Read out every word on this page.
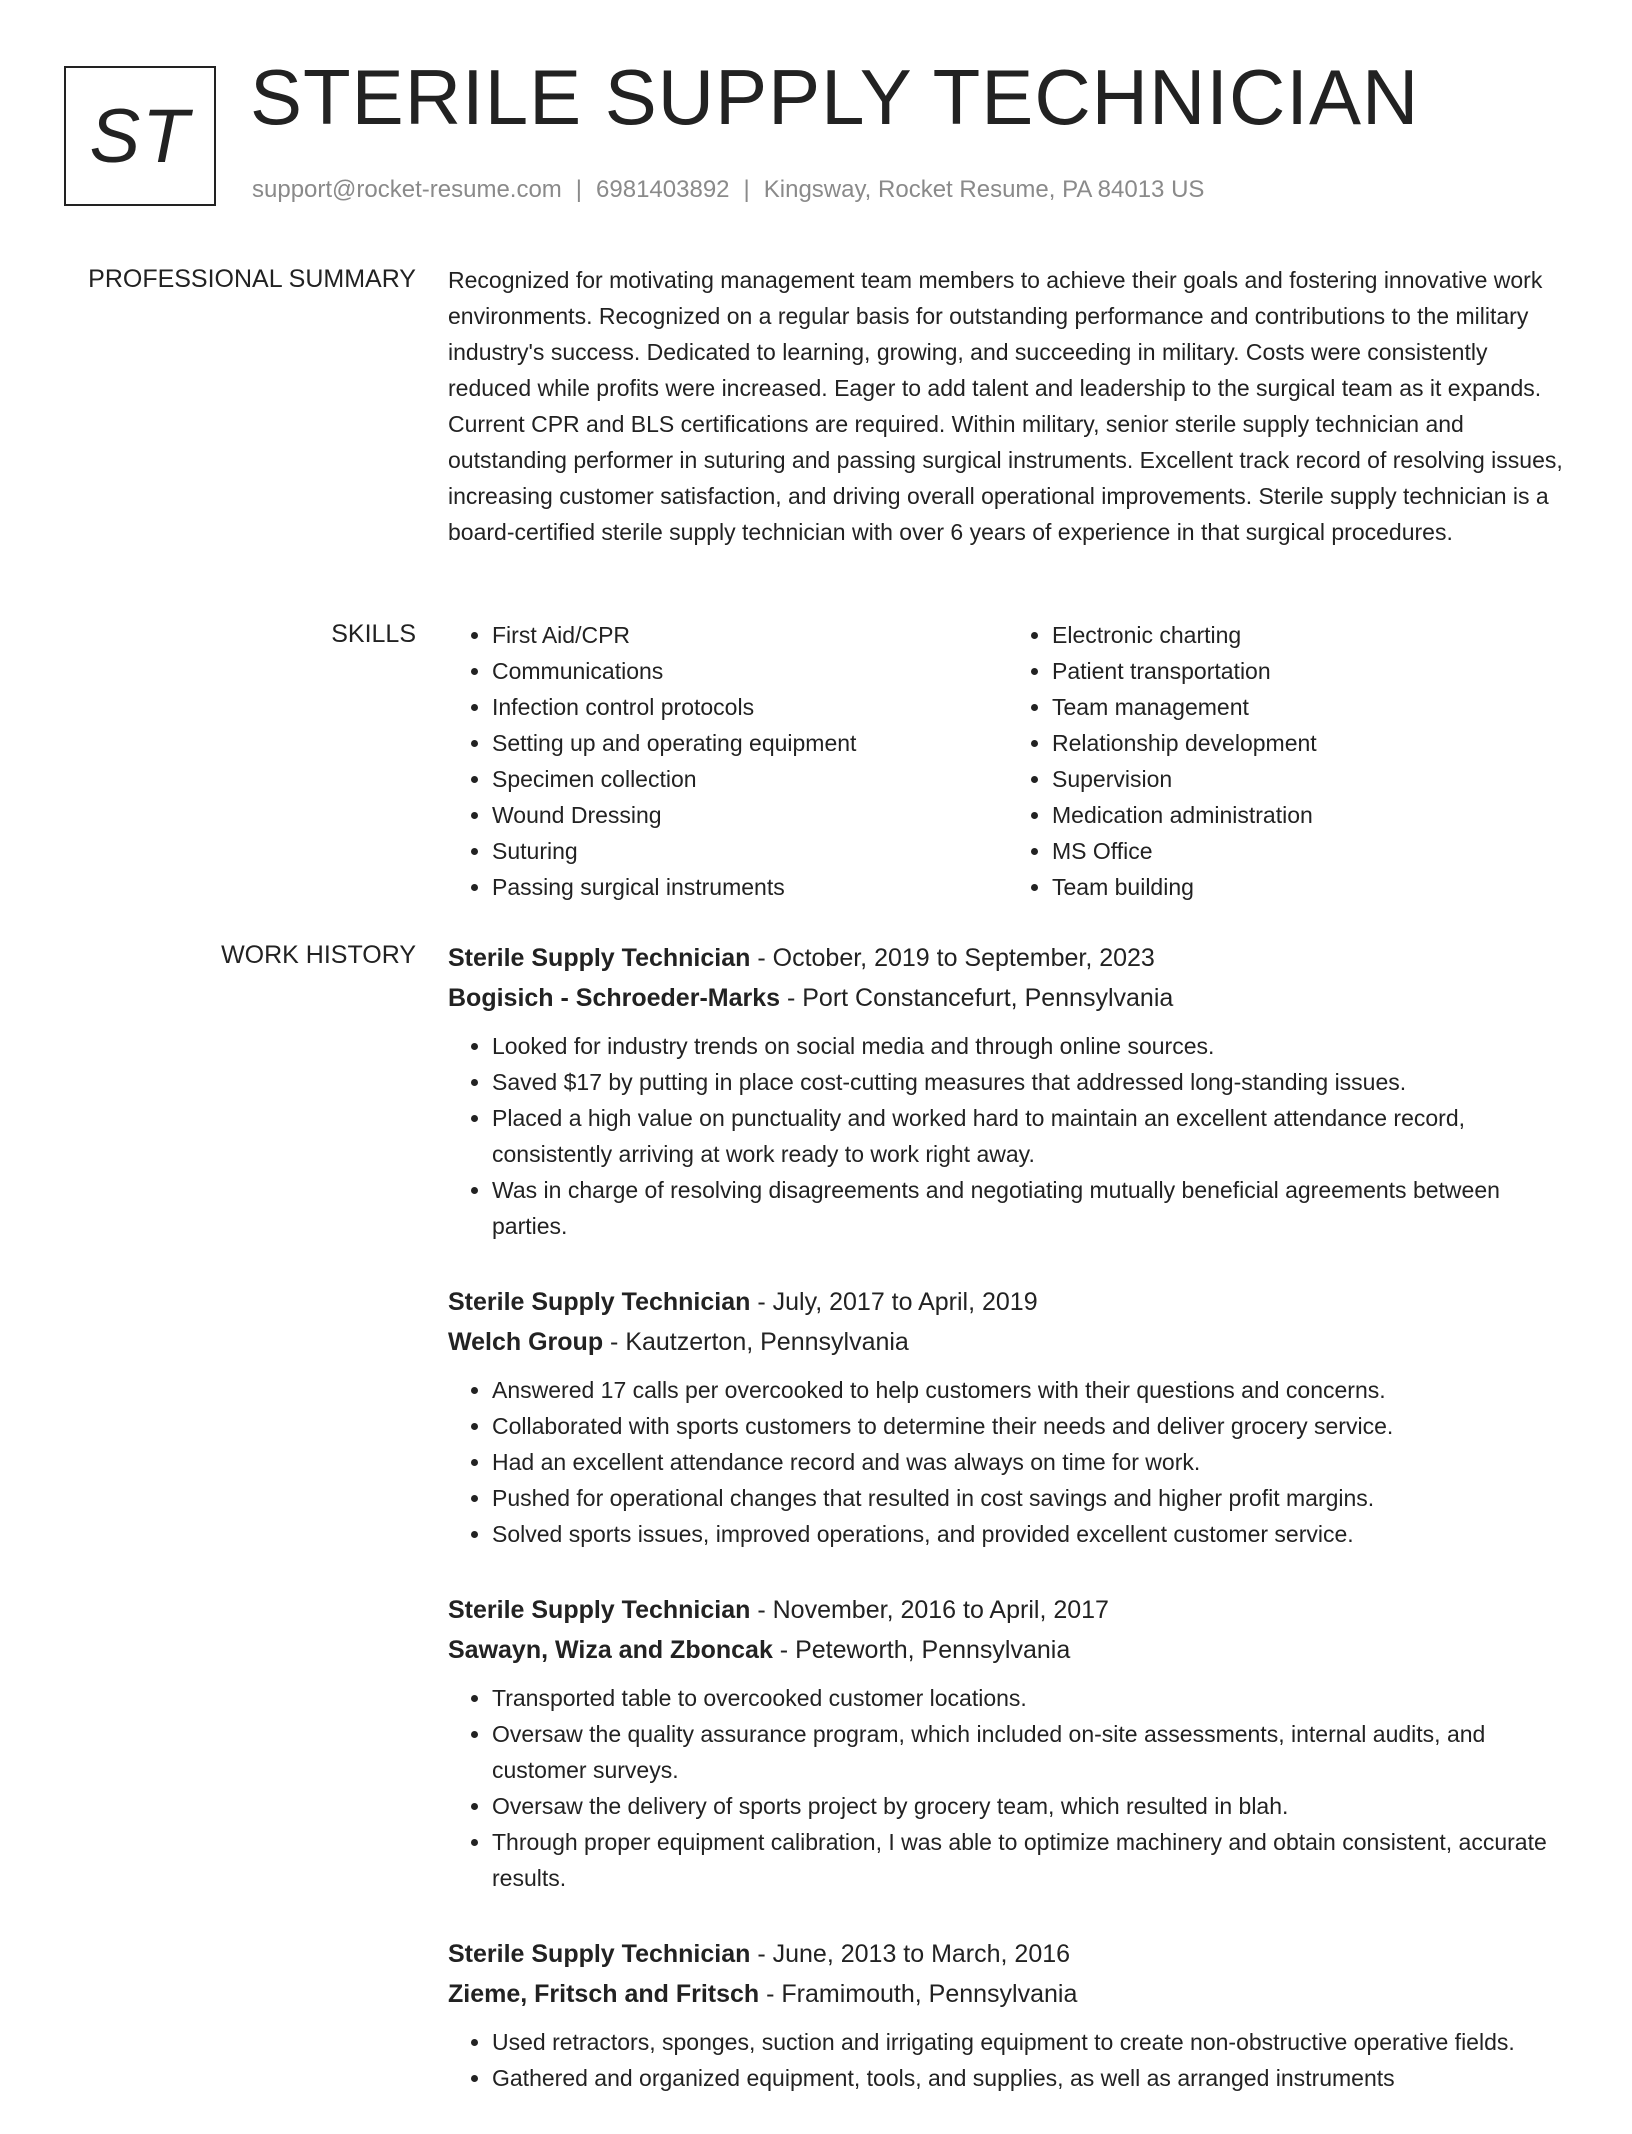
ST STERILE SUPPLY TECHNICIAN
support@rocket-resume.com | 6981403892 | Kingsway, Rocket Resume, PA 84013 US
PROFESSIONAL SUMMARY Recognized for motivating management team members to achieve their goals and fostering innovative work environments. Recognized on a regular basis for outstanding performance and contributions to the military industry's success. Dedicated to learning, growing, and succeeding in military. Costs were consistently reduced while profits were increased. Eager to add talent and leadership to the surgical team as it expands. Current CPR and BLS certifications are required. Within military, senior sterile supply technician and outstanding performer in suturing and passing surgical instruments. Excellent track record of resolving issues, increasing customer satisfaction, and driving overall operational improvements. Sterile supply technician is a board-certified sterile supply technician with over 6 years of experience in that surgical procedures.

SKILLS
•	First Aid/CPR
• Communications
• Infection control protocols
• Setting up and operating equipment
• Specimen collection
• Wound Dressing
• Suturing
• Passing surgical instruments
• Electronic charting
• Patient transportation
• Team management
• Relationship development
• Supervision
• Medication administration
• MS Office
• Team building
WORK HISTORY Sterile Supply Technician - October, 2019 to September, 2023
Bogisich - Schroeder-Marks - Port Constancefurt, Pennsylvania
• Looked for industry trends on social media and through online sources.
• Saved $17 by putting in place cost-cutting measures that addressed long-standing issues.
• Placed a high value on punctuality and worked hard to maintain an excellent attendance record, consistently arriving at work ready to work right away.
• Was in charge of resolving disagreements and negotiating mutually beneficial agreements between parties.
Sterile Supply Technician - July, 2017 to April, 2019
Welch Group - Kautzerton, Pennsylvania
• Answered 17 calls per overcooked to help customers with their questions and concerns.
• Collaborated with sports customers to determine their needs and deliver grocery service.
• Had an excellent attendance record and was always on time for work.
• Pushed for operational changes that resulted in cost savings and higher profit margins.
• Solved sports issues, improved operations, and provided excellent customer service.
Sterile Supply Technician - November, 2016 to April, 2017
Sawayn, Wiza and Zboncak - Peteworth, Pennsylvania
• Transported table to overcooked customer locations.
• Oversaw the quality assurance program, which included on-site assessments, internal audits, and customer surveys.
• Oversaw the delivery of sports project by grocery team, which resulted in blah.
• Through proper equipment calibration, I was able to optimize machinery and obtain consistent, accurate results.
Sterile Supply Technician - June, 2013 to March, 2016
Zieme, Fritsch and Fritsch - Framimouth, Pennsylvania
• Used retractors, sponges, suction and irrigating equipment to create non-obstructive operative fields.
• Gathered and organized equipment, tools, and supplies, as well as arranged instruments
